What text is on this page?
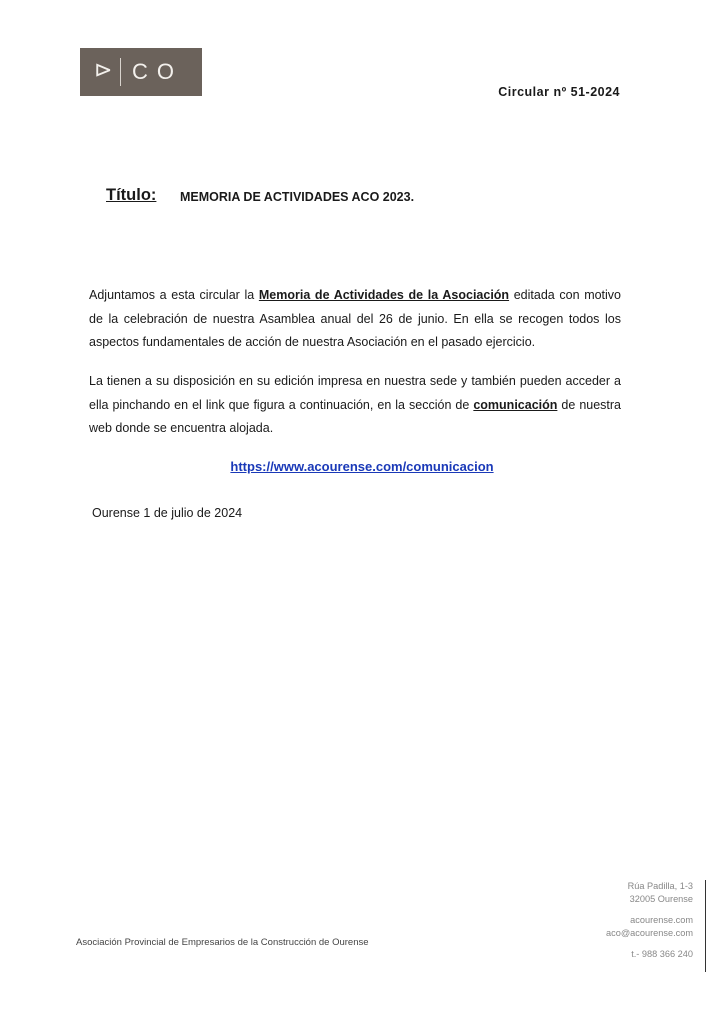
⊳ CO
Circular nº 51-2024
Título: MEMORIA DE ACTIVIDADES ACO 2023.
Adjuntamos a esta circular la Memoria de Actividades de la Asociación editada con motivo de la celebración de nuestra Asamblea anual del 26 de junio. En ella se recogen todos los aspectos fundamentales de acción de nuestra Asociación en el pasado ejercicio.
La tienen a su disposición en su edición impresa en nuestra sede y también pueden acceder a ella pinchando en el link que figura a continuación, en la sección de comunicación de nuestra web donde se encuentra alojada.
https://www.acourense.com/comunicacion
Ourense 1 de julio de 2024
Asociación Provincial de Empresarios de la Construcción de Ourense
Rúa Padilla, 1-3
32005 Ourense
acourense.com
aco@acourense.com
t.- 988 366 240
